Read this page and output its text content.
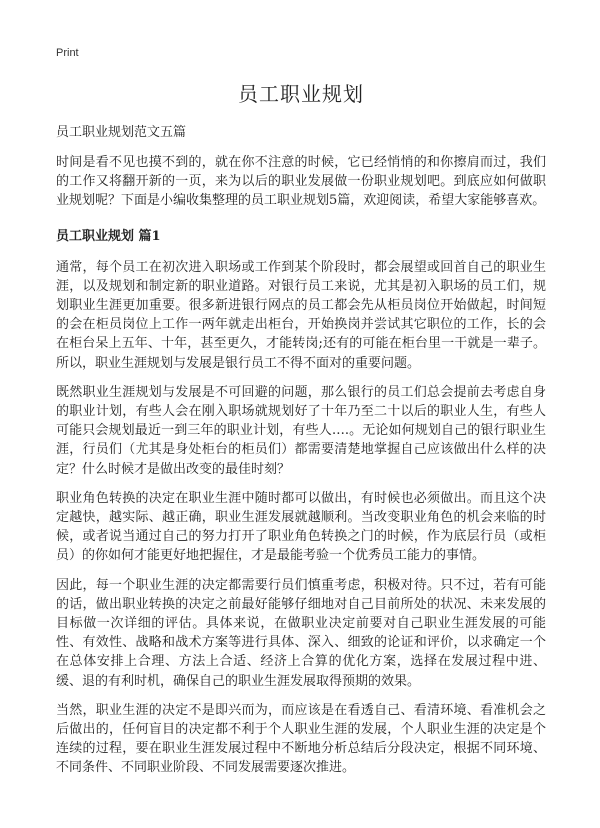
Print
员工职业规划

员工职业规划范文五篇

时间是看不见也摸不到的，就在你不注意的时候，它已经悄悄的和你擦肩而过，我们的工作又将翻开新的一页，来为以后的职业发展做一份职业规划吧。到底应如何做职业规划呢？下面是小编收集整理的员工职业规划5篇，欢迎阅读，希望大家能够喜欢。

员工职业规划 篇1

通常，每个员工在初次进入职场或工作到某个阶段时，都会展望或回首自己的职业生涯，以及规划和制定新的职业道路。对银行员工来说，尤其是初入职场的员工们，规划职业生涯更加重要。很多新进银行网点的员工都会先从柜员岗位开始做起，时间短的会在柜员岗位上工作一两年就走出柜台，开始换岗并尝试其它职位的工作，长的会在柜台呆上五年、十年，甚至更久，才能转岗;还有的可能在柜台里一干就是一辈子。所以，职业生涯规划与发展是银行员工不得不面对的重要问题。

既然职业生涯规划与发展是不可回避的问题，那么银行的员工们总会提前去考虑自身的职业计划，有些人会在刚入职场就规划好了十年乃至二十以后的职业人生，有些人可能只会规划最近一到三年的职业计划，有些人….。无论如何规划自己的银行职业生涯，行员们（尤其是身处柜台的柜员们）都需要清楚地掌握自己应该做出什么样的决定？什么时候才是做出改变的最佳时刻？

职业角色转换的决定在职业生涯中随时都可以做出，有时候也必须做出。而且这个决定越快，越实际、越正确，职业生涯发展就越顺利。当改变职业角色的机会来临的时候，或者说当通过自己的努力打开了职业角色转换之门的时候，作为底层行员（或柜员）的你如何才能更好地把握住，才是最能考验一个优秀员工能力的事情。

因此，每一个职业生涯的决定都需要行员们慎重考虑，积极对待。只不过，若有可能的话，做出职业转换的决定之前最好能够仔细地对自己目前所处的状况、未来发展的目标做一次详细的评估。具体来说，在做职业决定前要对自己职业生涯发展的可能性、有效性、战略和战术方案等进行具体、深入、细致的论证和评价，以求确定一个在总体安排上合理、方法上合适、经济上合算的优化方案，选择在发展过程中进、缓、退的有利时机，确保自己的职业生涯发展取得预期的效果。

当然，职业生涯的决定不是即兴而为，而应该是在看透自己、看清环境、看准机会之后做出的，任何盲目的决定都不利于个人职业生涯的发展，个人职业生涯的决定是个连续的过程，要在职业生涯发展过程中不断地分析总结后分段决定，根据不同环境、不同条件、不同职业阶段、不同发展需要逐次推进。
